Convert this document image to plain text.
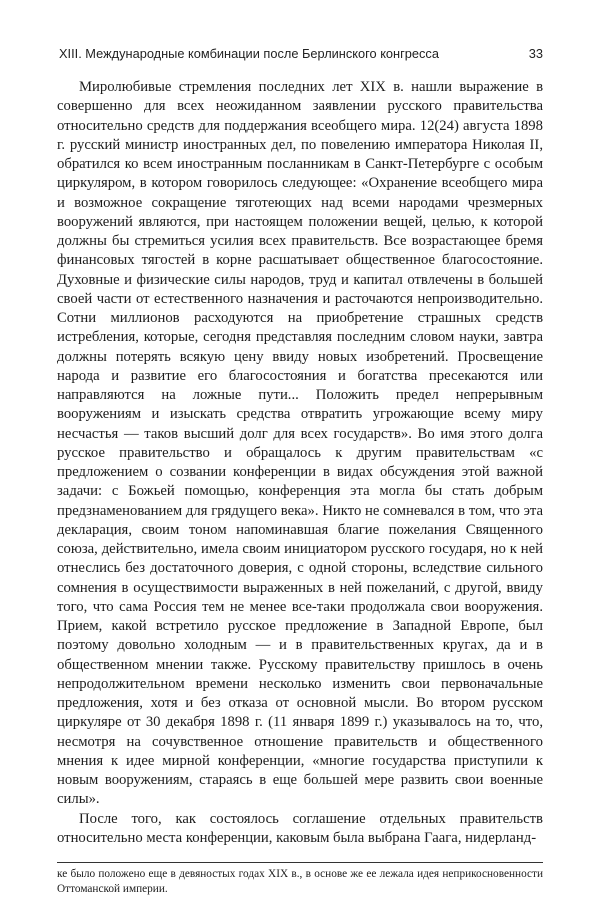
XIII. Международные комбинации после Берлинского конгресса	33

Миролюбивые стремления последних лет XIX в. нашли выражение в совершенно для всех неожиданном заявлении русского правительства относительно средств для поддержания всеобщего мира. 12(24) августа 1898 г. русский министр иностранных дел, по повелению императора Николая II, обратился ко всем иностранным посланникам в Санкт-Петербурге с особым циркуляром, в котором говорилось следующее: «Охранение всеобщего мира и возможное сокращение тяготеющих над всеми народами чрезмерных вооружений являются, при настоящем положении вещей, целью, к которой должны бы стремиться усилия всех правительств. Все возрастающее бремя финансовых тягостей в корне расшатывает общественное благосостояние. Духовные и физические силы народов, труд и капитал отвлечены в большей своей части от естественного назначения и расточаются непроизводительно. Сотни миллионов расходуются на приобретение страшных средств истребления, которые, сегодня представляя последним словом науки, завтра должны потерять всякую цену ввиду новых изобретений. Просвещение народа и развитие его благосостояния и богатства пресекаются или направляются на ложные пути... Положить предел непрерывным вооружениям и изыскать средства отвратить угрожающие всему миру несчастья — таков высший долг для всех государств». Во имя этого долга русское правительство и обращалось к другим правительствам «с предложением о созвании конференции в видах обсуждения этой важной задачи: с Божьей помощью, конференция эта могла бы стать добрым предзнаменованием для грядущего века». Никто не сомневался в том, что эта декларация, своим тоном напоминавшая благие пожелания Священного союза, действительно, имела своим инициатором русского государя, но к ней отнеслись без достаточного доверия, с одной стороны, вследствие сильного сомнения в осуществимости выраженных в ней пожеланий, с другой, ввиду того, что сама Россия тем не менее все-таки продолжала свои вооружения. Прием, какой встретило русское предложение в Западной Европе, был поэтому довольно холодным — и в правительственных кругах, да и в общественном мнении также. Русскому правительству пришлось в очень непродолжительном времени несколько изменить свои первоначальные предложения, хотя и без отказа от основной мысли. Во втором русском циркуляре от 30 декабря 1898 г. (11 января 1899 г.) указывалось на то, что, несмотря на сочувственное отношение правительств и общественного мнения к идее мирной конференции, «многие государства приступили к новым вооружениям, стараясь в еще большей мере развить свои военные силы».

После того, как состоялось соглашение отдельных правительств относительно места конференции, каковым была выбрана Гаага, нидерланд-

ке было положено еще в девяностых годах XIX в., в основе же ее лежала идея неприкосновенности Оттоманской империи.
